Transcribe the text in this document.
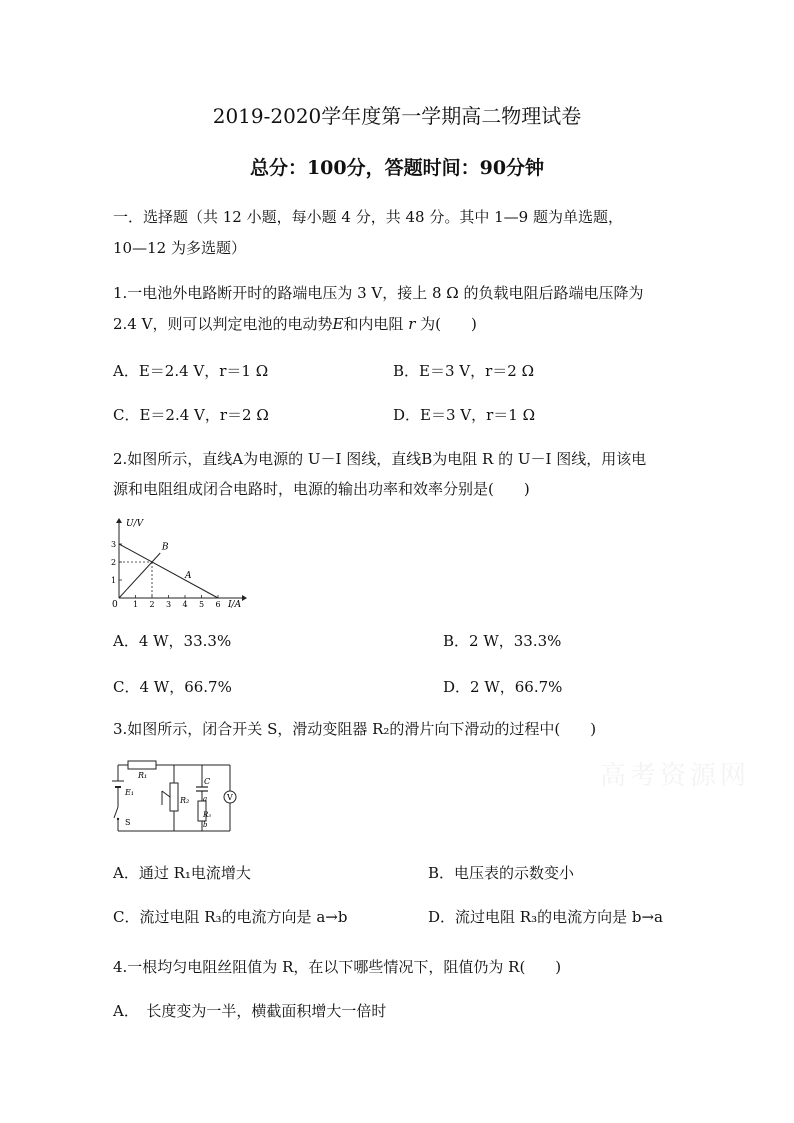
2019-2020学年度第一学期高二物理试卷
总分：100分，答题时间：90分钟
一．选择题（共 12 小题，每小题 4 分，共 48 分。其中 1—9 题为单选题，
10—12 为多选题）
1.一电池外电路断开时的路端电压为 3 V，接上 8 Ω 的负载电阻后路端电压降为
2.4 V，则可以判定电池的电动势E和内电阻 r 为(　　)
A．E＝2.4 V，r＝1 Ω	B．E＝3 V，r＝2 Ω
C．E＝2.4 V，r＝2 Ω	D．E＝3 V，r＝1 Ω
2.如图所示，直线A为电源的 U－I 图线，直线B为电阻 R 的 U－I 图线，用该电
源和电阻组成闭合电路时，电源的输出功率和效率分别是(　　)
1 2 3 4 5 6
1
2
3
A
B
U/V
I/A
0
A．4 W，33.3%	B．2 W，33.3%
C．4 W，66.7%	D．2 W，66.7%
3.如图所示，闭合开关 S，滑动变阻器 R₂的滑片向下滑动的过程中(　　)
V
R₁
E₁
S
R₂
C
a
R₃
b
高考资源网
A．通过 R₁电流增大	B．电压表的示数变小
C．流过电阻 R₃的电流方向是 a→b	D．流过电阻 R₃的电流方向是 b→a
4.一根均匀电阻丝阻值为 R，在以下哪些情况下，阻值仍为 R(　　)
A．　长度变为一半，横截面积增大一倍时
